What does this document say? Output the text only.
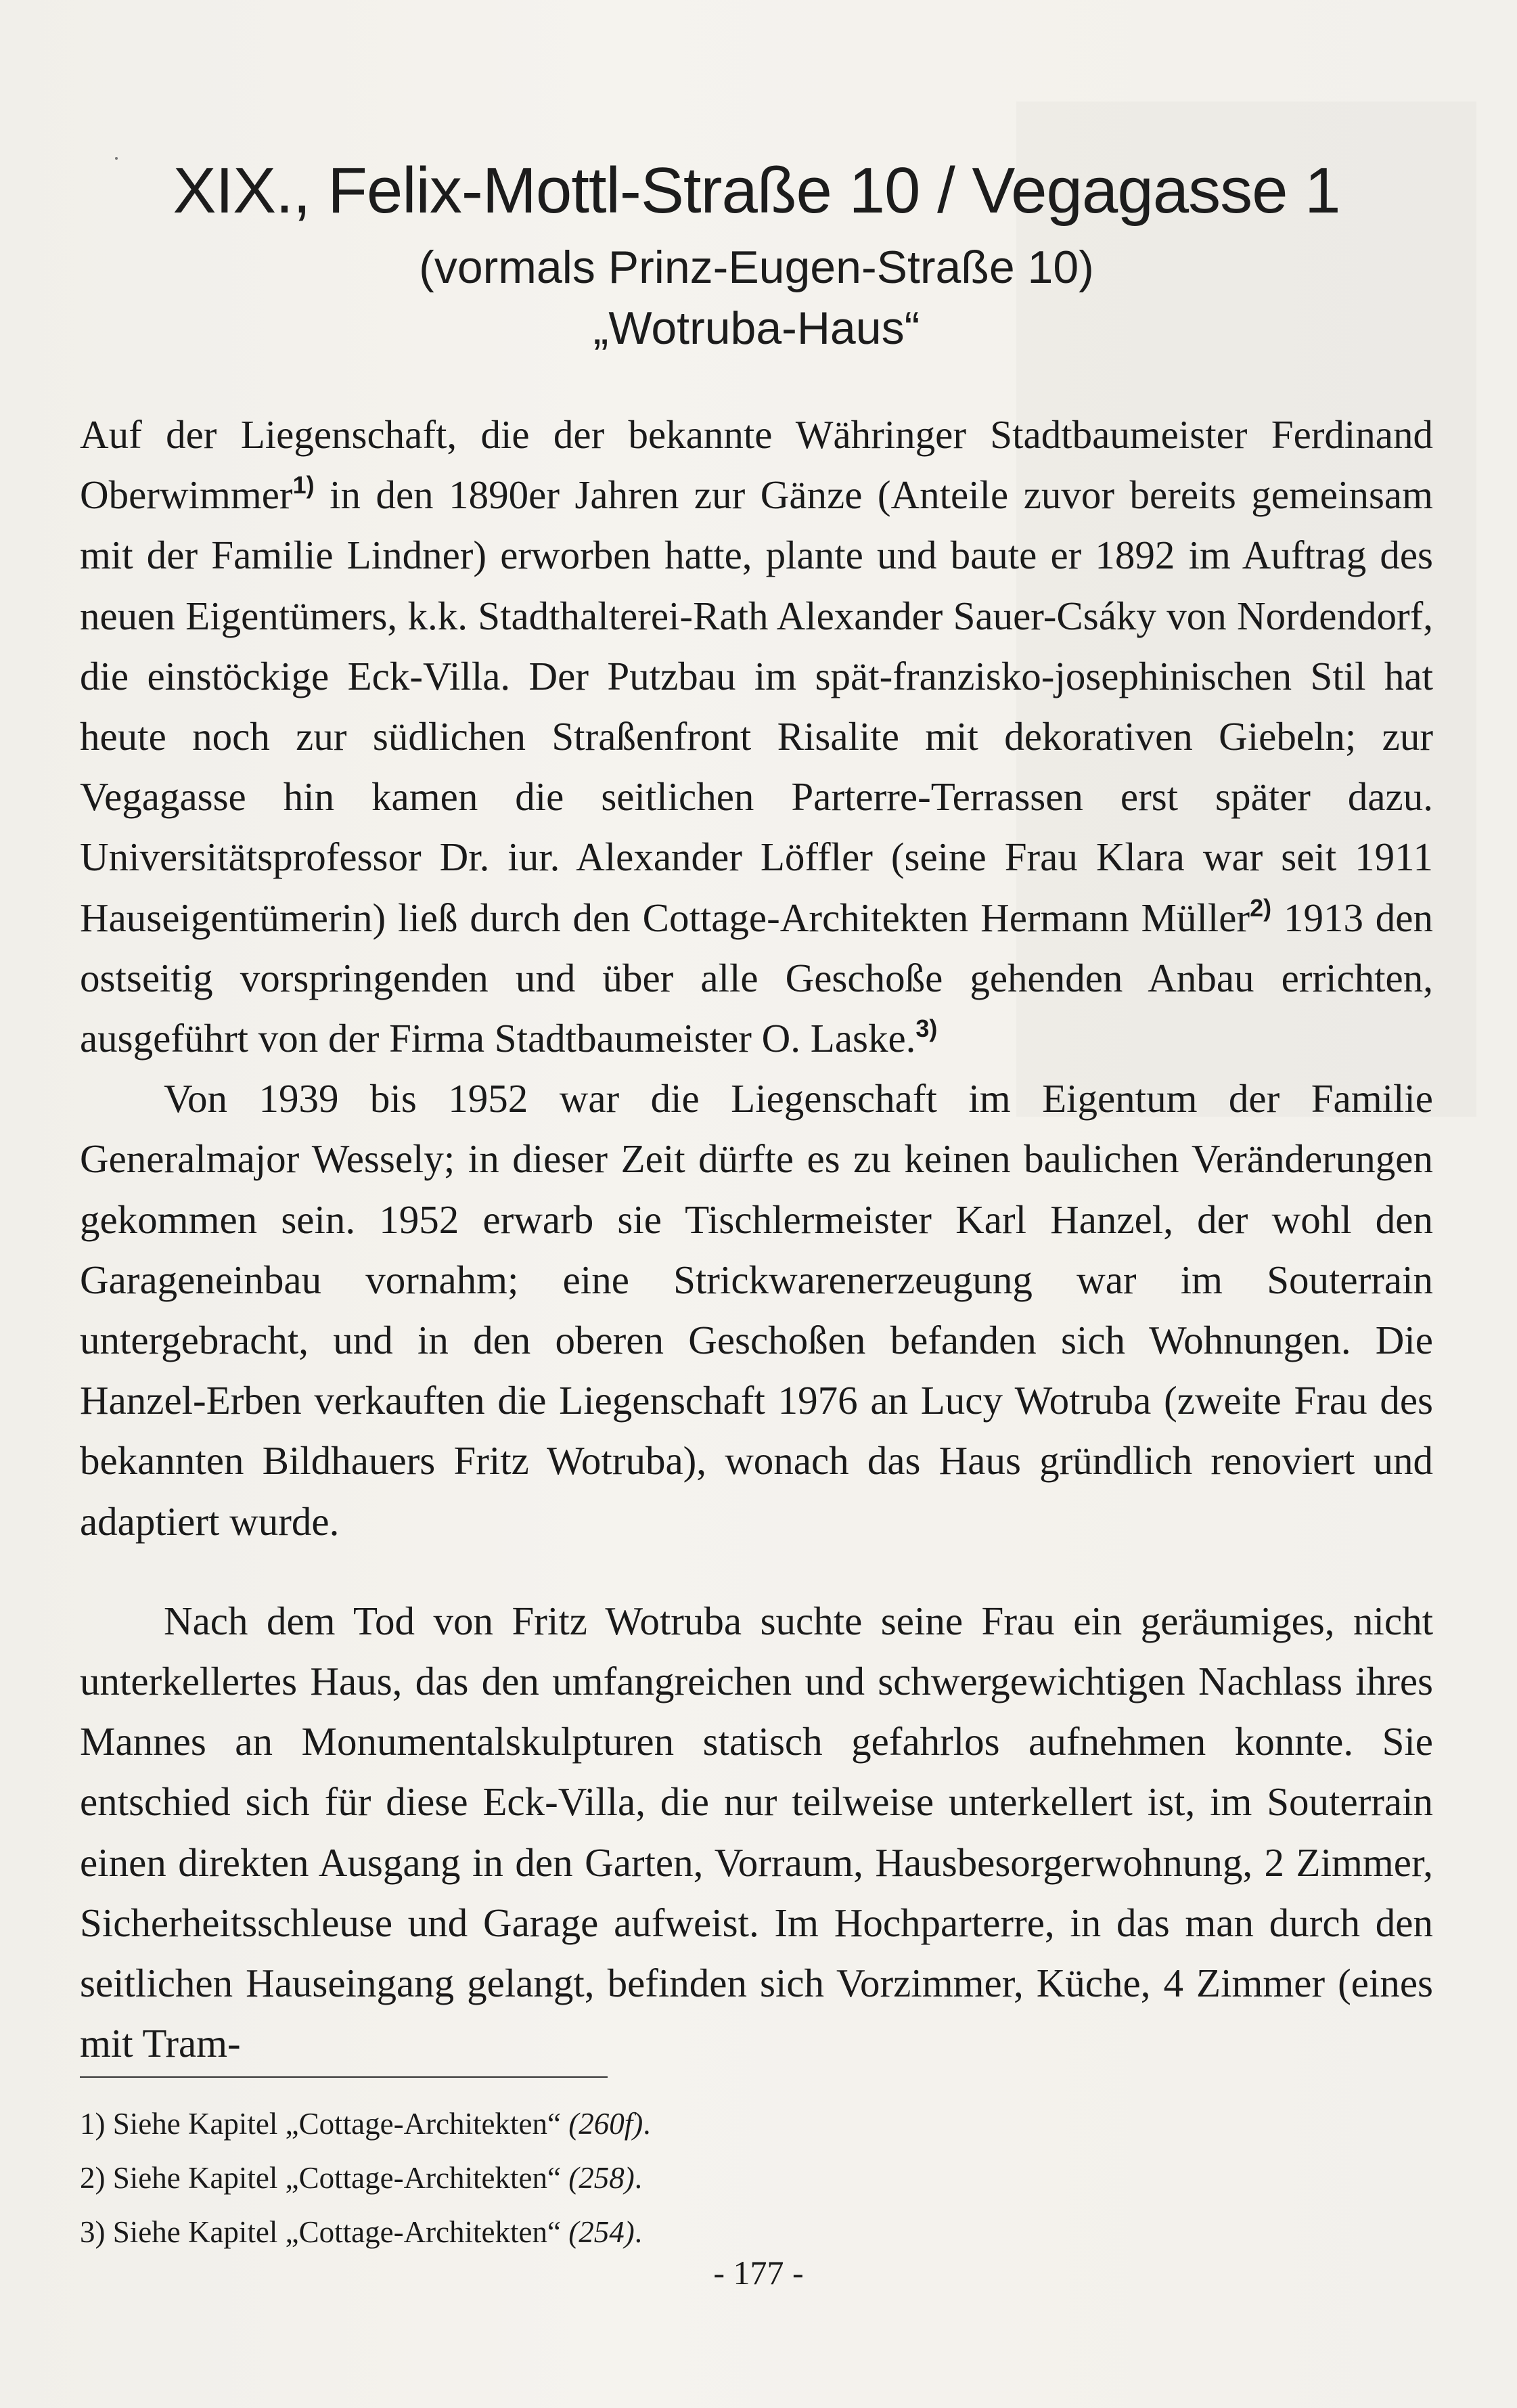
XIX., Felix-Mottl-Straße 10 / Vegagasse 1
(vormals Prinz-Eugen-Straße 10)
„Wotruba-Haus“

Auf der Liegenschaft, die der bekannte Währinger Stadtbaumeister Ferdinand Oberwimmer$^{1)}$ in den 1890er Jahren zur Gänze (Anteile zuvor bereits gemeinsam mit der Familie Lindner) erworben hatte, plante und baute er 1892 im Auftrag des neuen Eigentümers, k.k. Stadthalterei-Rath Alexander Sauer-Csáky von Nordendorf, die einstöckige Eck-Villa. Der Putzbau im spät-franzisko-josephinischen Stil hat heute noch zur südlichen Straßenfront Risalite mit dekorativen Giebeln; zur Vegagasse hin kamen die seitlichen Parterre-Terrassen erst später dazu. Universitätsprofessor Dr. iur. Alexander Löffler (seine Frau Klara war seit 1911 Hauseigentümerin) ließ durch den Cottage-Architekten Hermann Müller$^{2)}$ 1913 den ostseitig vorspringenden und über alle Geschoße gehenden Anbau errichten, ausgeführt von der Firma Stadtbaumeister O. Laske.$^{3)}$

Von 1939 bis 1952 war die Liegenschaft im Eigentum der Familie Generalmajor Wessely; in dieser Zeit dürfte es zu keinen baulichen Veränderungen gekommen sein. 1952 erwarb sie Tischlermeister Karl Hanzel, der wohl den Garageneinbau vornahm; eine Strickwarenerzeugung war im Souterrain untergebracht, und in den oberen Geschoßen befanden sich Wohnungen. Die Hanzel-Erben verkauften die Liegenschaft 1976 an Lucy Wotruba (zweite Frau des bekannten Bildhauers Fritz Wotruba), wonach das Haus gründlich renoviert und adaptiert wurde.

Nach dem Tod von Fritz Wotruba suchte seine Frau ein geräumiges, nicht unterkellertes Haus, das den umfangreichen und schwergewichtigen Nachlass ihres Mannes an Monumentalskulpturen statisch gefahrlos aufnehmen konnte. Sie entschied sich für diese Eck-Villa, die nur teilweise unterkellert ist, im Souterrain einen direkten Ausgang in den Garten, Vorraum, Hausbesorgerwohnung, 2 Zimmer, Sicherheitsschleuse und Garage aufweist. Im Hochparterre, in das man durch den seitlichen Hauseingang gelangt, befinden sich Vorzimmer, Küche, 4 Zimmer (eines mit Tram-

1) Siehe Kapitel „Cottage-Architekten“ (260f).
2) Siehe Kapitel „Cottage-Architekten“ (258).
3) Siehe Kapitel „Cottage-Architekten“ (254).
- 177 -
